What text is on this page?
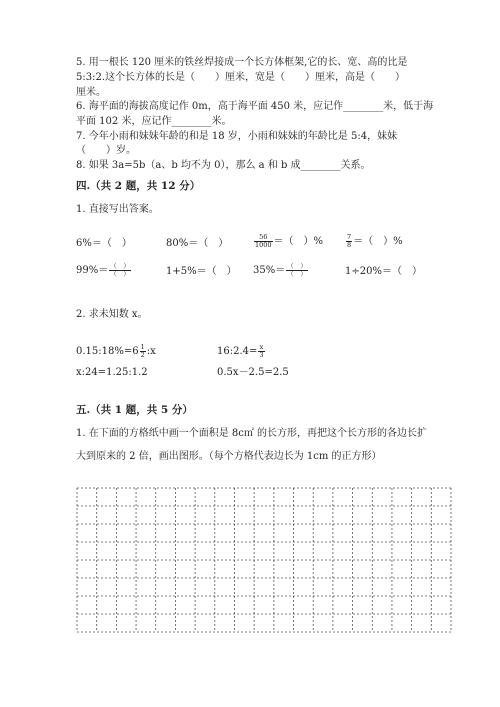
5. 用一根长 120 厘米的铁丝焊接成一个长方体框架,它的长、宽、高的比是
5:3:2.这个长方体的长是（　　）厘米，宽是（　　）厘米，高是（　　）
厘米。
6. 海平面的海拔高度记作 0m，高于海平面 450 米，应记作________米，低于海
平面 102 米，应记作________米。
7. 今年小雨和妹妹年龄的和是 18 岁，小雨和妹妹的年龄比是 5:4，妹妹
（　　）岁。
8. 如果 3a=5b（a、b 均不为 0），那么 a 和 b 成________关系。
四.（共 2 题，共 12 分）
1. 直接写出答案。
6%＝（　）	80%＝（　）	$\frac{56}{1000}$ ＝（　）%	$\frac{7}{8}$ ＝（　）%
$99\%= \frac{( )}{( )}$	1+5%＝（　） $35\%= \frac{( )}{( )}$	1÷20%＝（　）
2. 求未知数 x。
0.15:18%=6 $\frac{1}{2}$ :x	16:2.4= $\frac{x}{3}$
x:24=1.25:1.2	0.5x－2.5=2.5
五.（共 1 题，共 5 分）
1. 在下面的方格纸中画一个面积是 8c㎡ 的长方形，再把这个长方形的各边长扩
大到原来的 2 倍，画出图形。（每个方格代表边长为 1cm 的正方形）
